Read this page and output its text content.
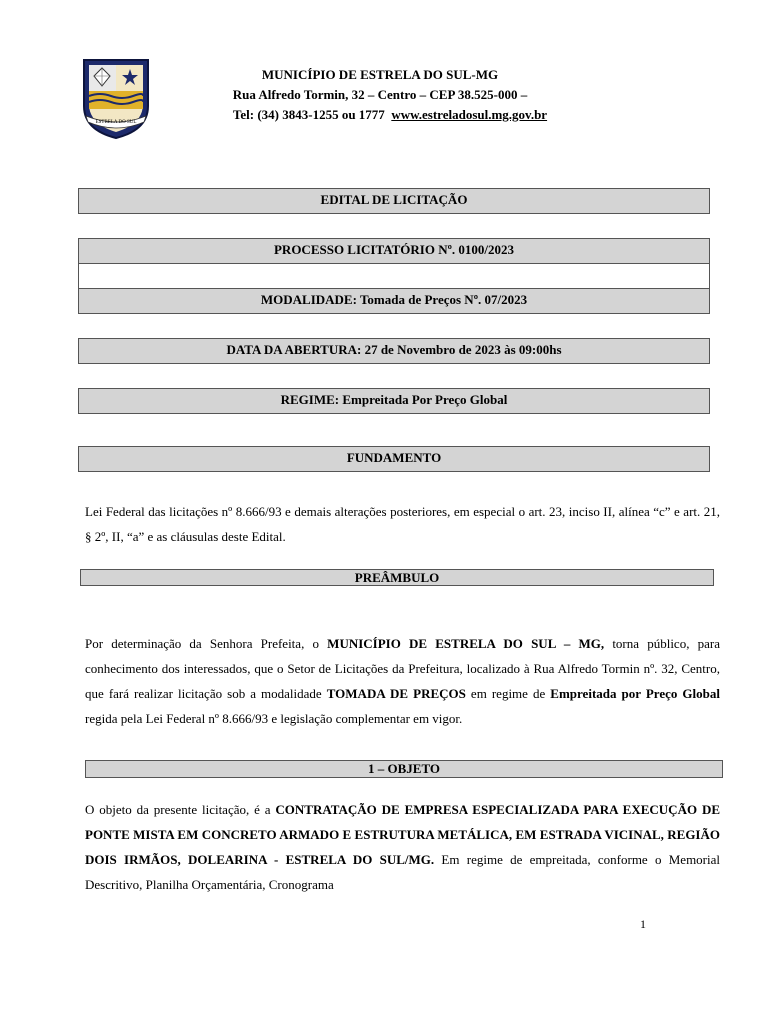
ESTRELA DO SUL
MUNICÍPIO DE ESTRELA DO SUL-MG
Rua Alfredo Tormin, 32 – Centro – CEP 38.525-000 –
Tel: (34) 3843-1255 ou 1777 www.estreladosul.mg.gov.br
EDITAL DE LICITAÇÃO
PROCESSO LICITATÓRIO Nº. 0100/2023
MODALIDADE: Tomada de Preços Nº. 07/2023
DATA DA ABERTURA: 27 de Novembro de 2023 às 09:00hs
REGIME: Empreitada Por Preço Global
FUNDAMENTO
Lei Federal das licitações nº 8.666/93 e demais alterações posteriores, em especial o art. 23, inciso II, alínea “c” e art. 21, § 2º, II, “a” e as cláusulas deste Edital.
PREÂMBULO
Por determinação da Senhora Prefeita, o MUNICÍPIO DE ESTRELA DO SUL – MG, torna público, para conhecimento dos interessados, que o Setor de Licitações da Prefeitura, localizado à Rua Alfredo Tormin nº. 32, Centro, que fará realizar licitação sob a modalidade TOMADA DE PREÇOS em regime de Empreitada por Preço Global regida pela Lei Federal nº 8.666/93 e legislação complementar em vigor.
1 – OBJETO
O objeto da presente licitação, é a CONTRATAÇÃO DE EMPRESA ESPECIALIZADA PARA EXECUÇÃO DE PONTE MISTA EM CONCRETO ARMADO E ESTRUTURA METÁLICA, EM ESTRADA VICINAL, REGIÃO DOIS IRMÃOS, DOLEARINA - ESTRELA DO SUL/MG. Em regime de empreitada, conforme o Memorial Descritivo, Planilha Orçamentária, Cronograma
1
